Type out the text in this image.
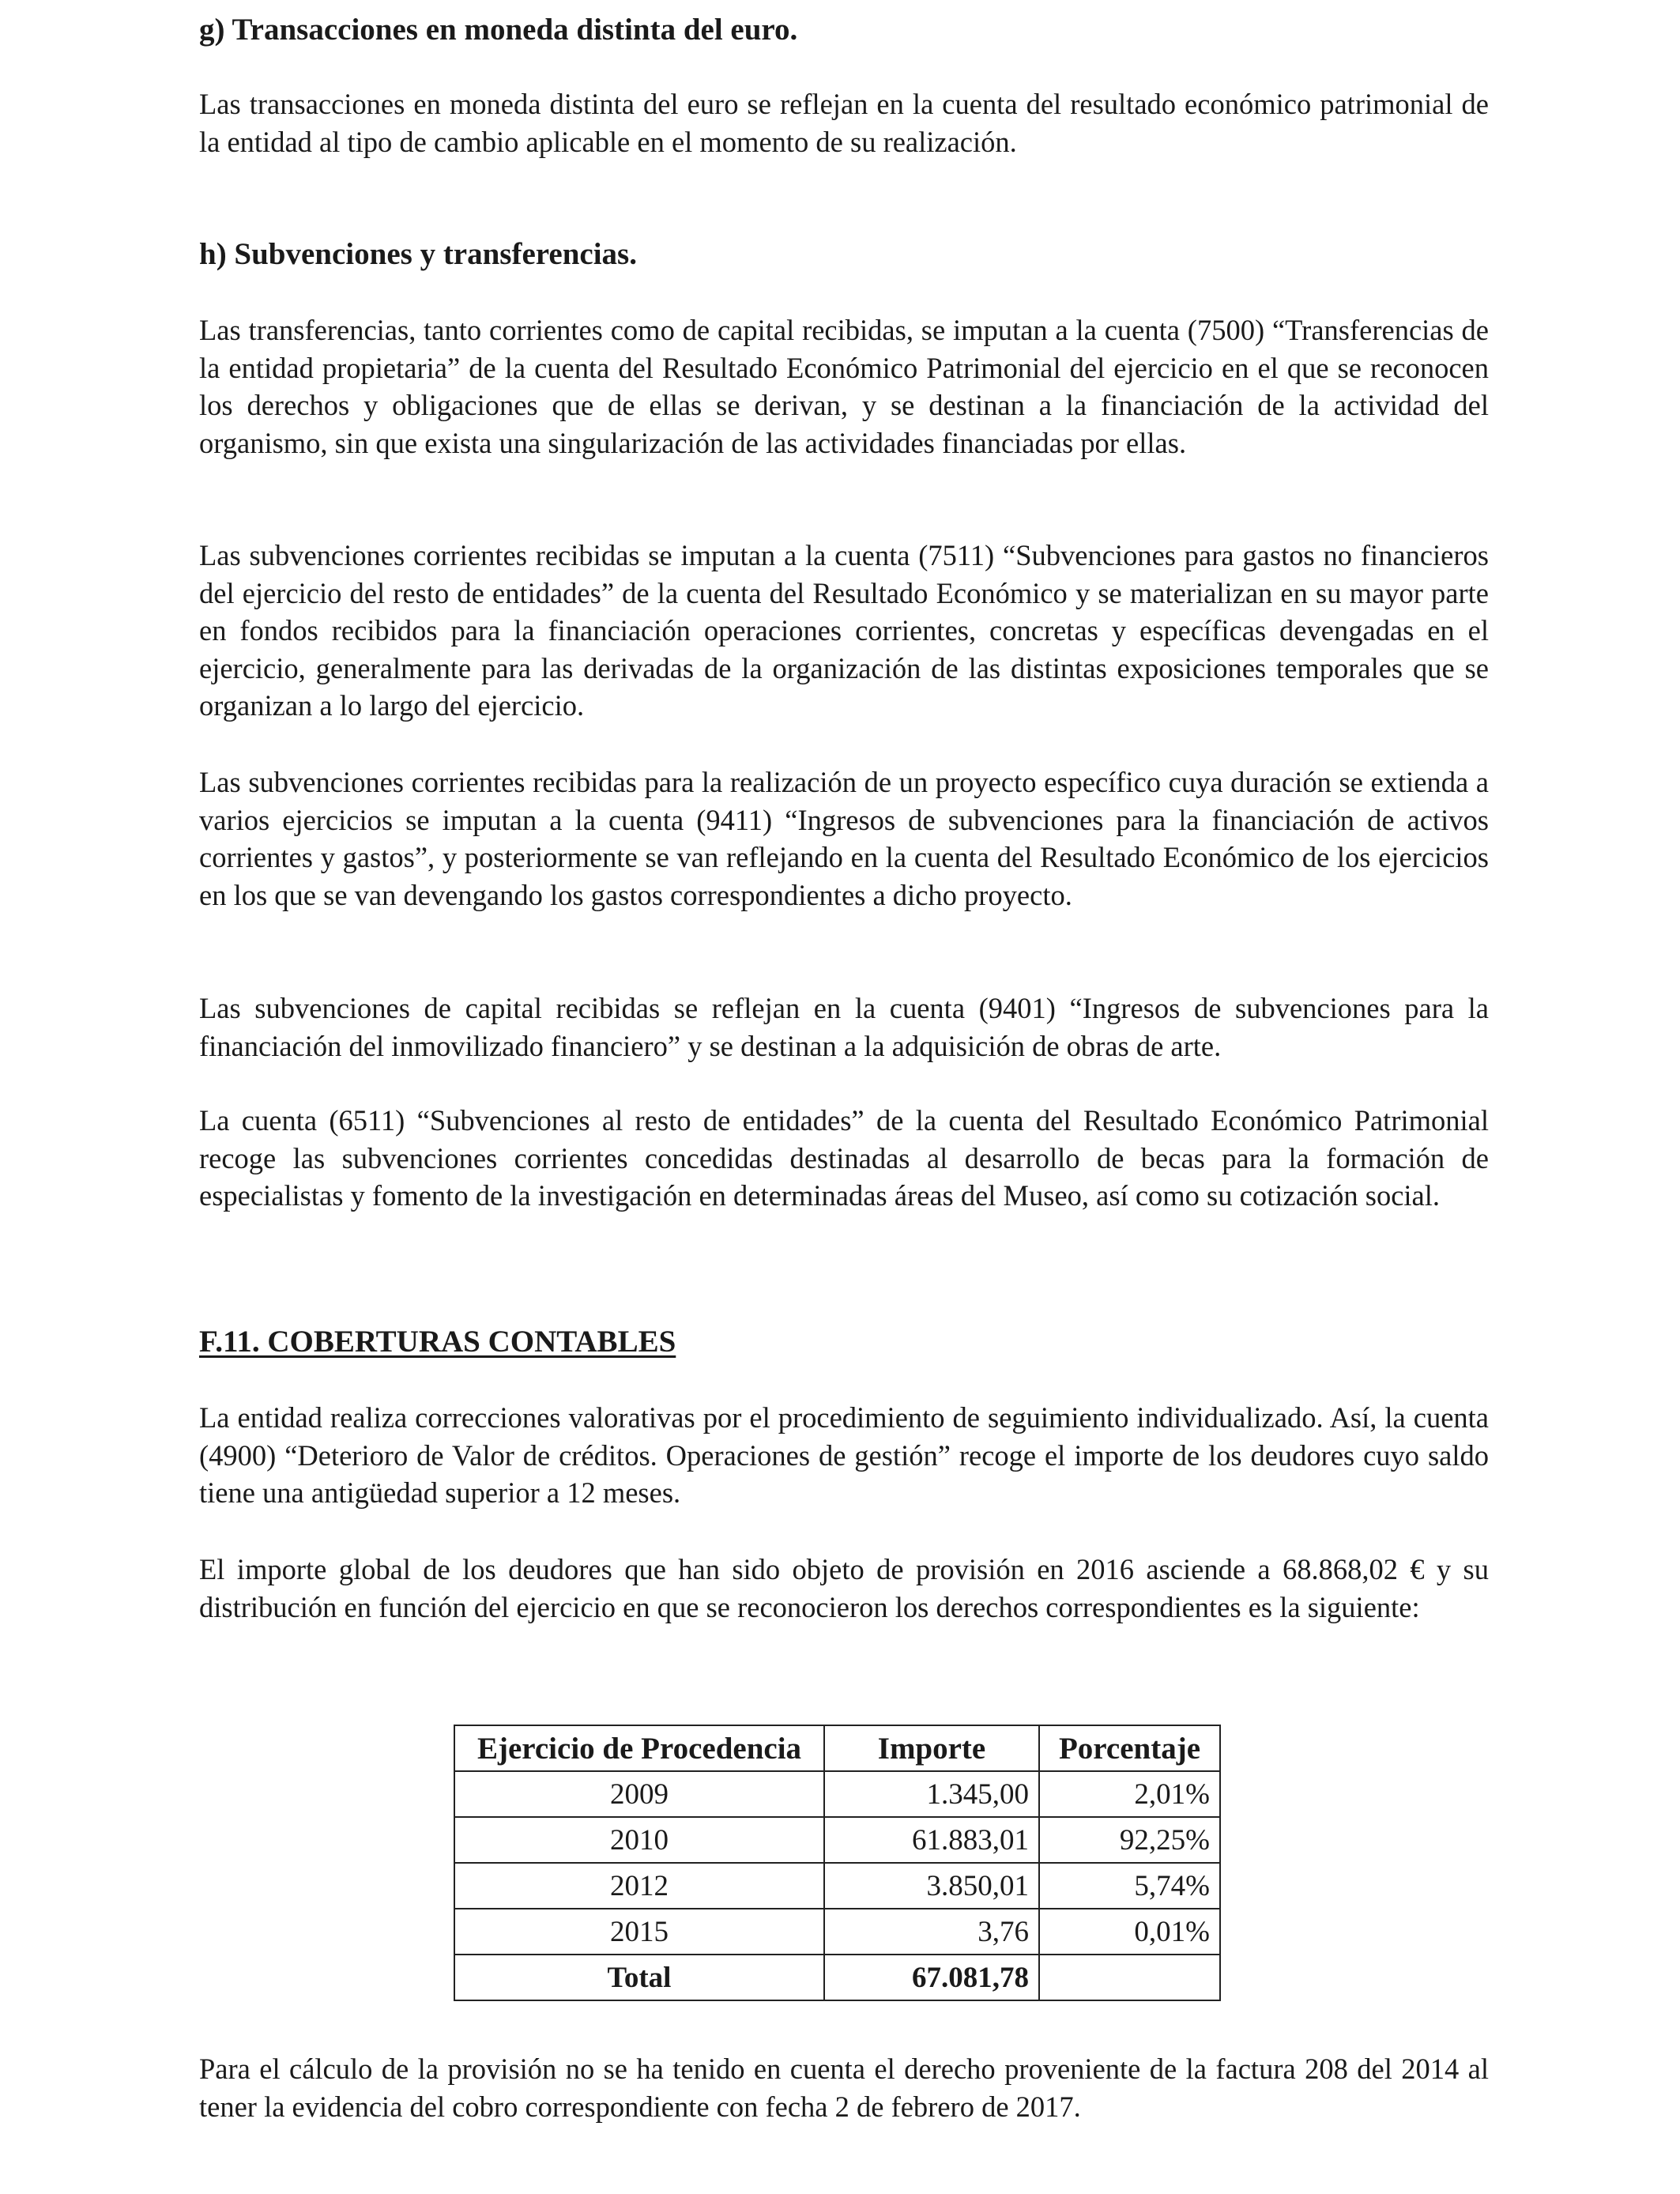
g) Transacciones en moneda distinta del euro.

Las transacciones en moneda distinta del euro se reflejan en la cuenta del resultado económico patrimonial de la entidad al tipo de cambio aplicable en el momento de su realización.

h) Subvenciones y transferencias.

Las transferencias, tanto corrientes como de capital recibidas, se imputan a la cuenta (7500) “Transferencias de la entidad propietaria” de la cuenta del Resultado Económico Patrimonial del ejercicio en el que se reconocen los derechos y obligaciones que de ellas se derivan, y se destinan a la financiación de la actividad del organismo, sin que exista una singularización de las actividades financiadas por ellas.

Las subvenciones corrientes recibidas se imputan a la cuenta (7511) “Subvenciones para gastos no financieros del ejercicio del resto de entidades” de la cuenta del Resultado Económico y se materializan en su mayor parte en fondos recibidos para la financiación operaciones corrientes, concretas y específicas devengadas en el ejercicio, generalmente para las derivadas de la organización de las distintas exposiciones temporales que se organizan a lo largo del ejercicio.

Las subvenciones corrientes recibidas para la realización de un proyecto específico cuya duración se extienda a varios ejercicios se imputan a la cuenta (9411) “Ingresos de subvenciones para la financiación de activos corrientes y gastos”, y posteriormente se van reflejando en la cuenta del Resultado Económico de los ejercicios en los que se van devengando los gastos correspondientes a dicho proyecto.

Las subvenciones de capital recibidas se reflejan en la cuenta (9401) “Ingresos de subvenciones para la financiación del inmovilizado financiero” y se destinan a la adquisición de obras de arte.

La cuenta (6511) “Subvenciones al resto de entidades” de la cuenta del Resultado Económico Patrimonial recoge las subvenciones corrientes concedidas destinadas al desarrollo de becas para la formación de especialistas y fomento de la investigación en determinadas áreas del Museo, así como su cotización social.

F.11. COBERTURAS CONTABLES

La entidad realiza correcciones valorativas por el procedimiento de seguimiento individualizado. Así, la cuenta (4900) “Deterioro de Valor de créditos. Operaciones de gestión” recoge el importe de los deudores cuyo saldo tiene una antigüedad superior a 12 meses.

El importe global de los deudores que han sido objeto de provisión en 2016 asciende a 68.868,02 € y su distribución en función del ejercicio en que se reconocieron los derechos correspondientes es la siguiente:

Para el cálculo de la provisión no se ha tenido en cuenta el derecho proveniente de la factura 208 del 2014 al tener la evidencia del cobro correspondiente con fecha 2 de febrero de 2017.

Ejercicio de Procedencia	Importe	Porcentaje
2009	1.345,00	2,01%
2010	61.883,01	92,25%
2012	3.850,01	5,74%
2015	3,76	0,01%
Total	67.081,78	
